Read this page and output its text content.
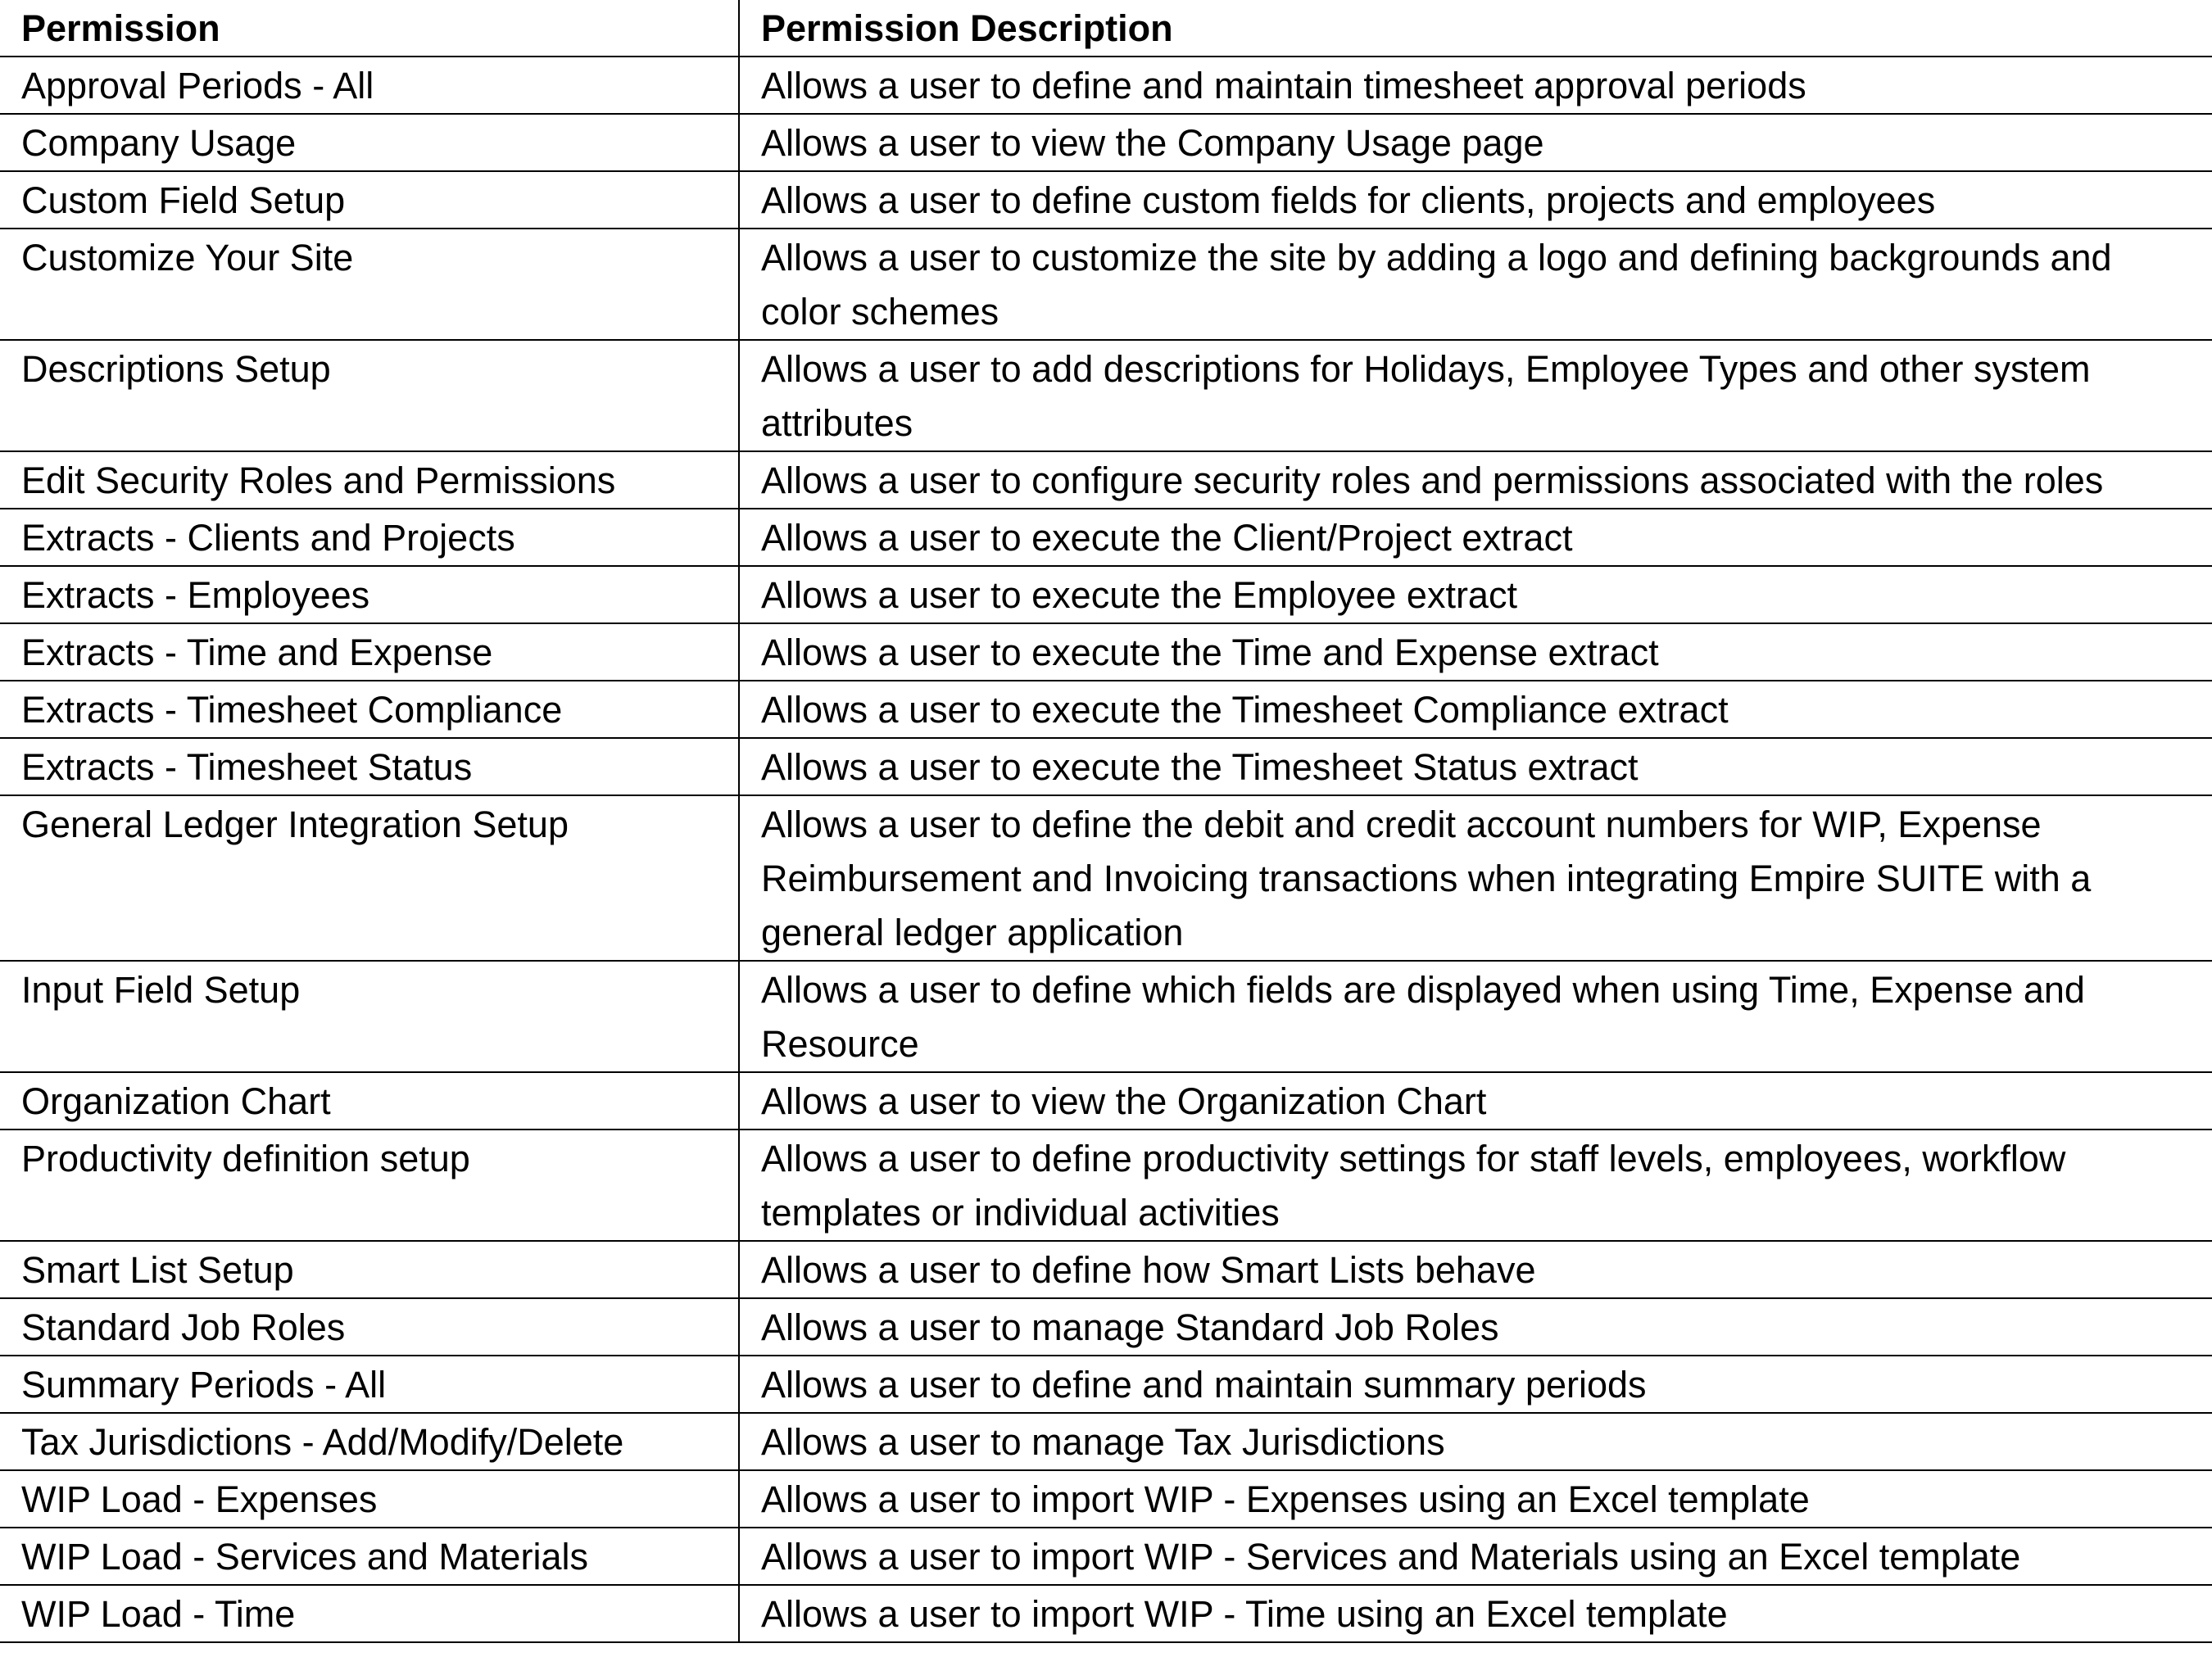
Permission	Permission Description
Approval Periods - All	Allows a user to define and maintain timesheet approval periods
Company Usage	Allows a user to view the Company Usage page
Custom Field Setup	Allows a user to define custom fields for clients, projects and employees
Customize Your Site	Allows a user to customize the site by adding a logo and defining backgrounds and color schemes
Descriptions Setup	Allows a user to add descriptions for Holidays, Employee Types and other system attributes
Edit Security Roles and Permissions	Allows a user to configure security roles and permissions associated with the roles
Extracts - Clients and Projects	Allows a user to execute the Client/Project extract
Extracts - Employees	Allows a user to execute the Employee extract
Extracts - Time and Expense	Allows a user to execute the Time and Expense extract
Extracts - Timesheet Compliance	Allows a user to execute the Timesheet Compliance extract
Extracts - Timesheet Status	Allows a user to execute the Timesheet Status extract
General Ledger Integration Setup	Allows a user to define the debit and credit account numbers for WIP, Expense Reimbursement and Invoicing transactions when integrating Empire SUITE with a general ledger application
Input Field Setup	Allows a user to define which fields are displayed when using Time, Expense and Resource
Organization Chart	Allows a user to view the Organization Chart
Productivity definition setup	Allows a user to define productivity settings for staff levels, employees, workflow templates or individual activities
Smart List Setup	Allows a user to define how Smart Lists behave
Standard Job Roles	Allows a user to manage Standard Job Roles
Summary Periods - All	Allows a user to define and maintain summary periods
Tax Jurisdictions - Add/Modify/Delete	Allows a user to manage Tax Jurisdictions
WIP Load - Expenses	Allows a user to import WIP - Expenses using an Excel template
WIP Load - Services and Materials	Allows a user to import WIP - Services and Materials using an Excel template
WIP Load - Time	Allows a user to import WIP - Time using an Excel template
